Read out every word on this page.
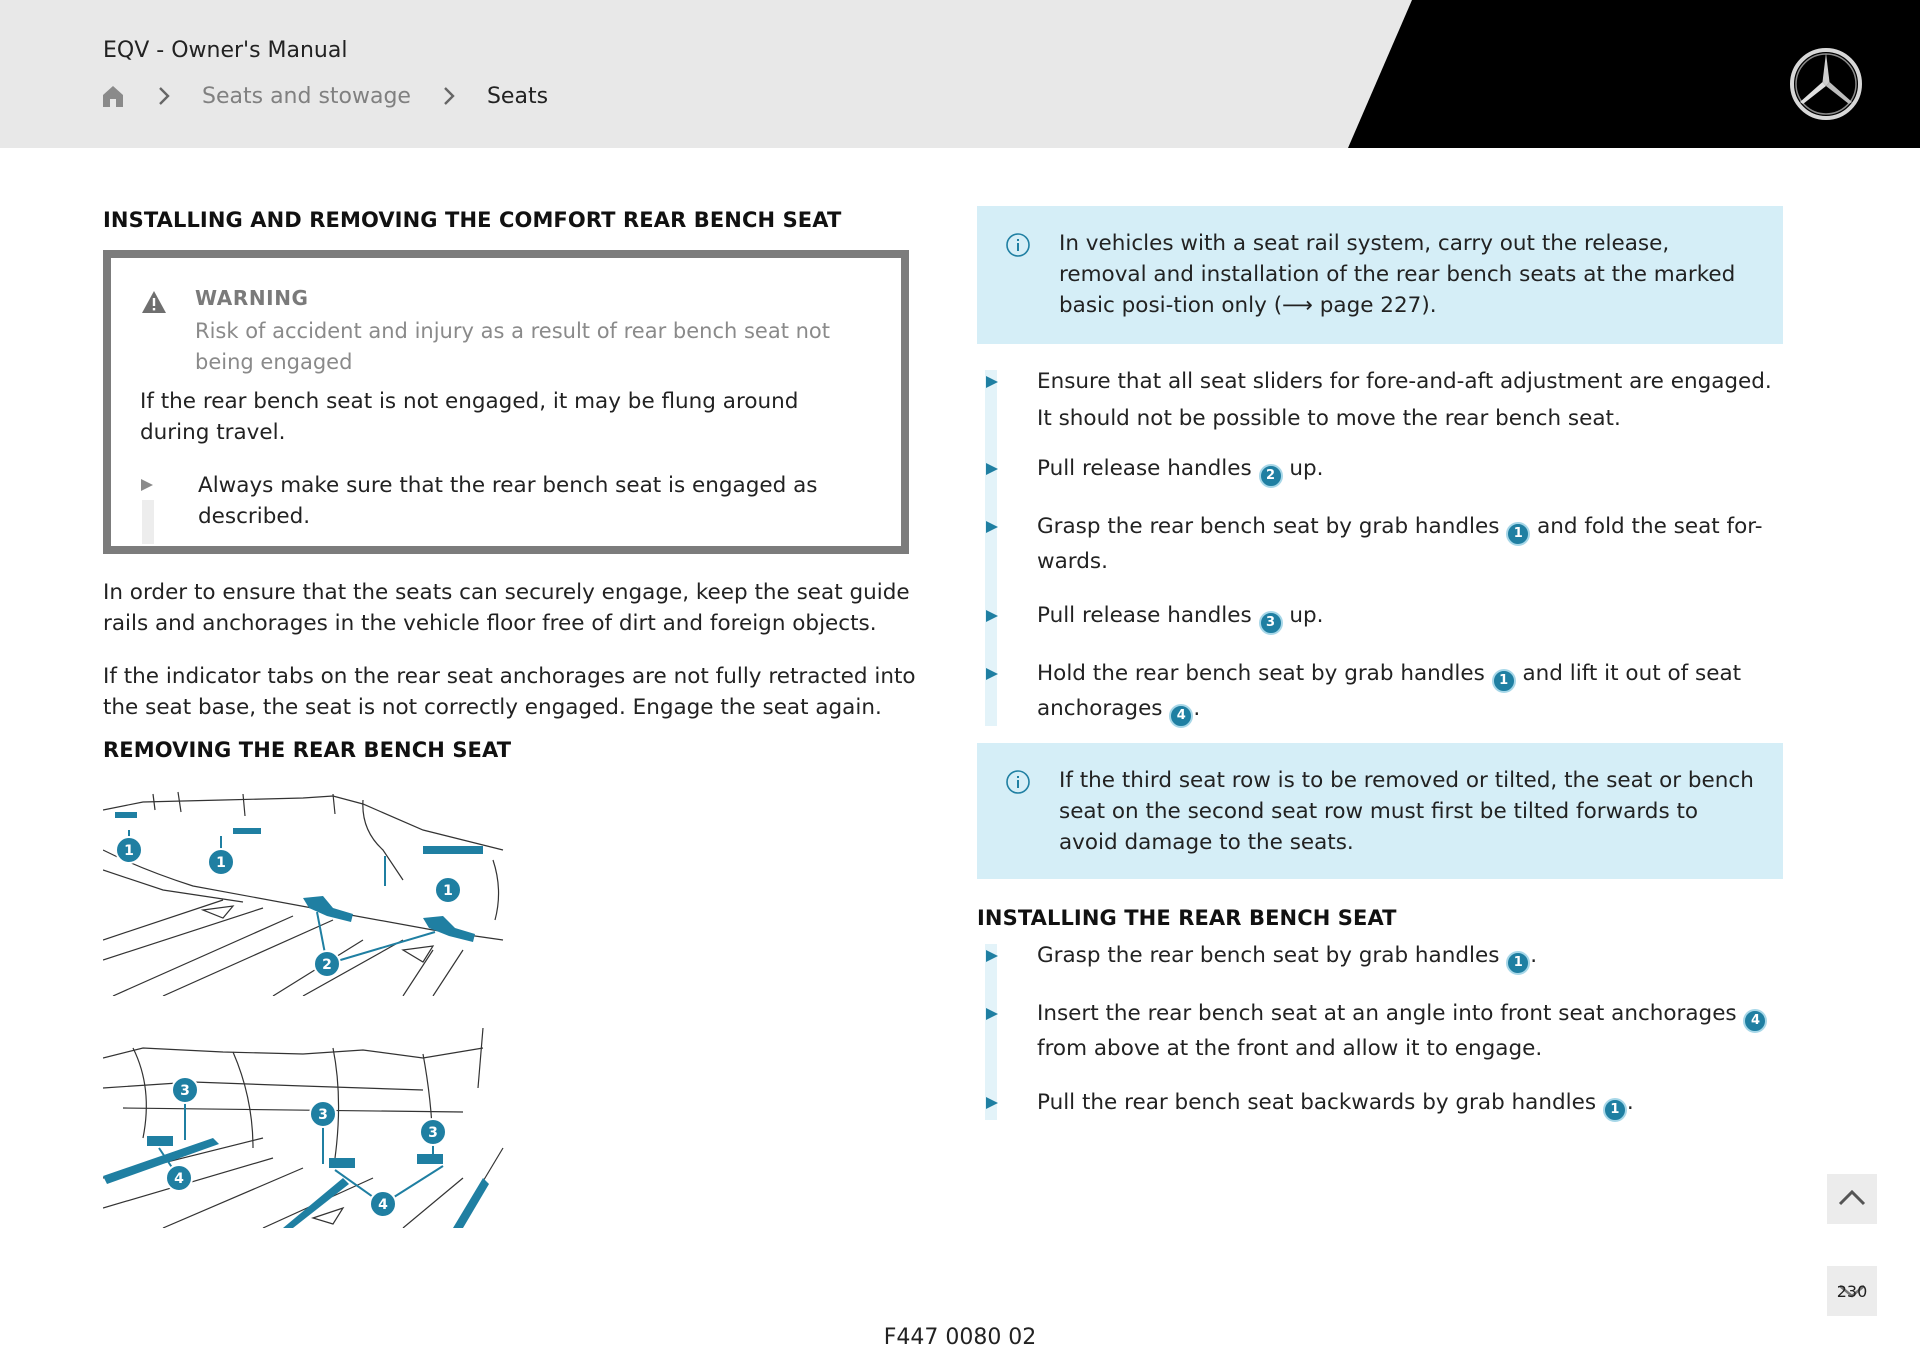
EQV - Owner's Manual
Seats and stowage	Seats
INSTALLING AND REMOVING THE COMFORT REAR BENCH SEAT
WARNING
Risk of accident and injury as a result of rear bench seat not being engaged
If the rear bench seat is not engaged, it may be flung around during travel.
Always make sure that the rear bench seat is engaged as described.
In order to ensure that the seats can securely engage, keep the seat guide rails and anchorages in the vehicle floor free of dirt and foreign objects.
If the indicator tabs on the rear seat anchorages are not fully retracted into the seat base, the seat is not correctly engaged. Engage the seat again.
REMOVING THE REAR BENCH SEAT
1
1
1
2
3
3
3
4
4
In vehicles with a seat rail system, carry out the release, removal and installation of the rear bench seats at the marked basic posi-tion only (⟶ page 227).
Ensure that all seat sliders for fore-and-aft adjustment are engaged.
It should not be possible to move the rear bench seat.
Pull release handles 2 up.
Grasp the rear bench seat by grab handles 1 and fold the seat for-wards.
Pull release handles 3 up.
Hold the rear bench seat by grab handles 1 and lift it out of seat anchorages 4 .
If the third seat row is to be removed or tilted, the seat or bench seat on the second seat row must first be tilted forwards to avoid damage to the seats.
INSTALLING THE REAR BENCH SEAT
Grasp the rear bench seat by grab handles 1 .
Insert the rear bench seat at an angle into front seat anchorages 4 from above at the front and allow it to engage.
Pull the rear bench seat backwards by grab handles 1 .
230
F447 0080 02
